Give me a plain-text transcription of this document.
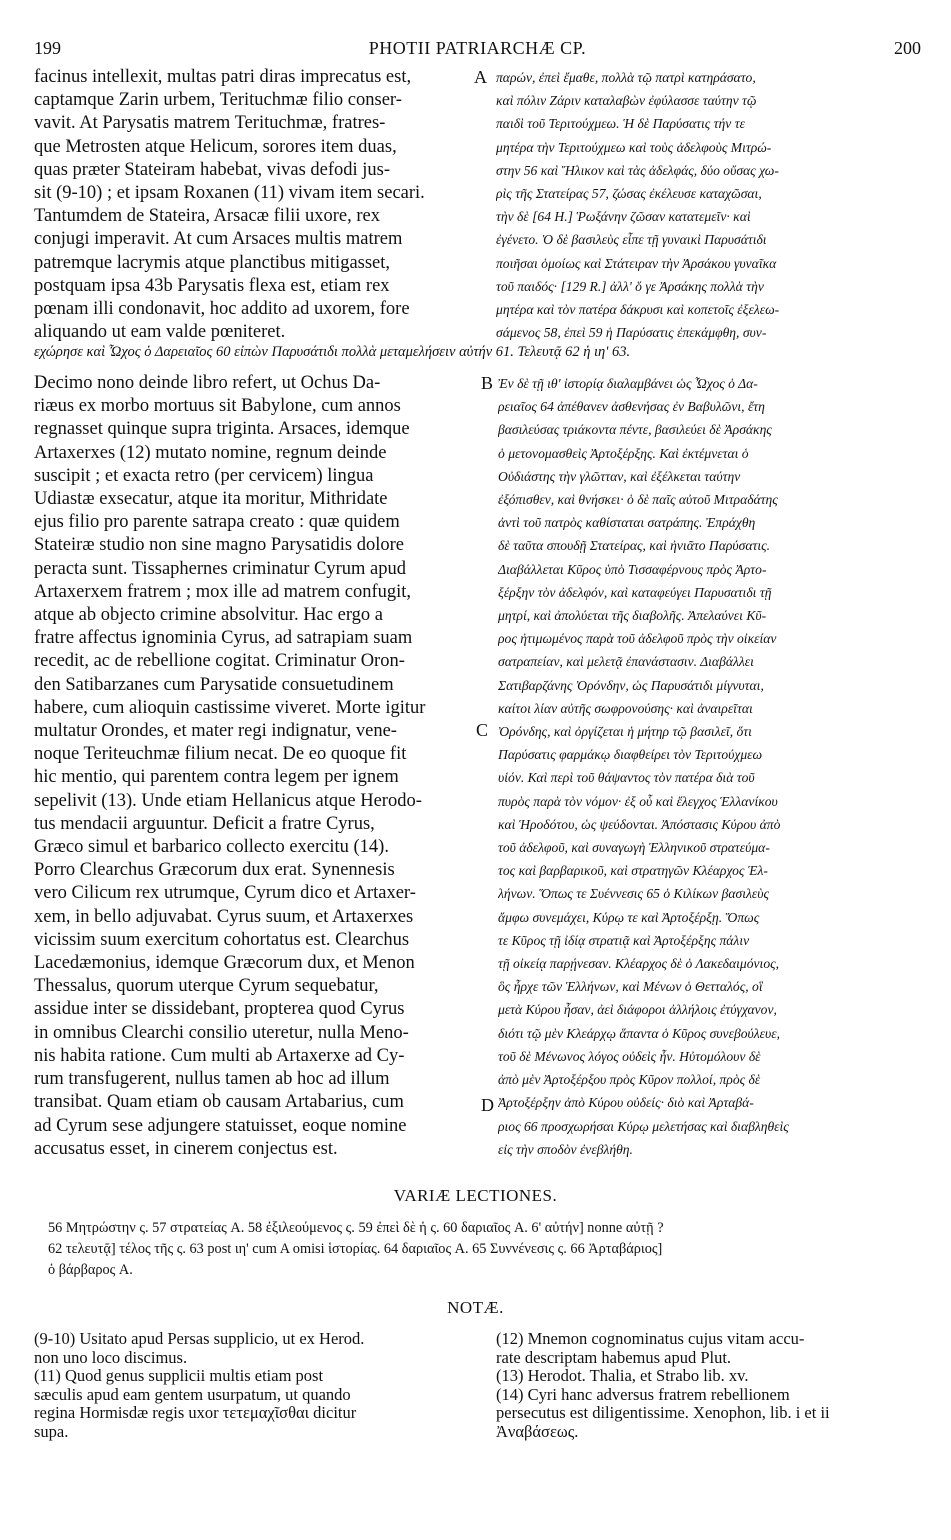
199	PHOTII PATRIARCHÆ CP.	200
facinus intellexit, multas patri diras imprecatus est,
captamque Zarin urbem, Terituchmæ filio conser-
vavit. At Parysatis matrem Terituchmæ, fratres-
que Metrosten atque Helicum, sorores item duas,
quas præter Stateiram habebat, vivas defodi jus-
sit (9-10) ; et ipsam Roxanen (11) vivam item secari.
Tantumdem de Stateira, Arsacæ filii uxore, rex
conjugi imperavit. At cum Arsaces multis matrem
patremque lacrymis atque planctibus mitigasset,
postquam ipsa 43b Parysatis flexa est, etiam rex
pœnam illi condonavit, hoc addito ad uxorem, fore
aliquando ut eam valde pœniteret.
A παρών, ἐπεὶ ἔμαθε, πολλὰ τῷ πατρὶ κατηράσατο,
καὶ πόλιν Ζάριν καταλαβὼν ἐφύλασσε ταύτην τῷ
παιδὶ τοῦ Τεριτούχμεω. Ἡ δὲ Παρύσατις τήν τε
μητέρα τὴν Τεριτούχμεω καὶ τοὺς ἀδελφοὺς Μιτρώ-
στην 56 καὶ Ἥλικον καὶ τὰς ἀδελφάς, δύο οὔσας χω-
ρὶς τῆς Στατείρας 57, ζώσας ἐκέλευσε καταχῶσαι,
τὴν δὲ [64 H.] Ῥωξάνην ζῶσαν κατατεμεῖν· καὶ
ἐγένετο. Ὁ δὲ βασιλεὺς εἶπε τῇ γυναικὶ Παρυσάτιδι
ποιῆσαι ὁμοίως καὶ Στάτειραν τὴν Ἀρσάκου γυναῖκα
τοῦ παιδός· [129 R.] ἀλλ' ὅ γε Ἀρσάκης πολλὰ τὴν
μητέρα καὶ τὸν πατέρα δάκρυσι καὶ κοπετοῖς ἐξελεω-
σάμενος 58, ἐπεὶ 59 ἡ Παρύσατις ἐπεκάμφθη, συν-
εχώρησε καὶ Ὦχος ὁ Δαρειαῖος 60 εἰπὼν Παρυσάτιδι πολλὰ μεταμελήσειν αὐτήν 61. Τελευτᾷ 62 ἡ ιη' 63.
Decimo nono deinde libro refert, ut Ochus Da-
riæus ex morbo mortuus sit Babylone, cum annos
regnasset quinque supra triginta. Arsaces, idemque
Artaxerxes (12) mutato nomine, regnum deinde
suscipit ; et exacta retro (per cervicem) lingua
Udiastæ exsecatur, atque ita moritur, Mithridate
ejus filio pro parente satrapa creato : quæ quidem
Stateiræ studio non sine magno Parysatidis dolore
peracta sunt. Tissaphernes criminatur Cyrum apud
Artaxerxem fratrem ; mox ille ad matrem confugit,
atque ab objecto crimine absolvitur. Hac ergo a
fratre affectus ignominia Cyrus, ad satrapiam suam
recedit, ac de rebellione cogitat. Criminatur Oron-
den Satibarzanes cum Parysatide consuetudinem
habere, cum alioquin castissime viveret. Morte igitur
multatur Orondes, et mater regi indignatur, vene-
noque Teriteuchmæ filium necat. De eo quoque fit
hic mentio, qui parentem contra legem per ignem
sepelivit (13). Unde etiam Hellanicus atque Herodo-
tus mendacii arguuntur. Deficit a fratre Cyrus,
Græco simul et barbarico collecto exercitu (14).
Porro Clearchus Græcorum dux erat. Synennesis
vero Cilicum rex utrumque, Cyrum dico et Artaxer-
xem, in bello adjuvabat. Cyrus suum, et Artaxerxes
vicissim suum exercitum cohortatus est. Clearchus
Lacedæmonius, idemque Græcorum dux, et Menon
Thessalus, quorum uterque Cyrum sequebatur,
assidue inter se dissidebant, propterea quod Cyrus
in omnibus Clearchi consilio uteretur, nulla Meno-
nis habita ratione. Cum multi ab Artaxerxe ad Cy-
rum transfugerent, nullus tamen ab hoc ad illum
transibat. Quam etiam ob causam Artabarius, cum
ad Cyrum sese adjungere statuisset, eoque nomine
accusatus esset, in cinerem conjectus est.
B
C
D
Ἐν δὲ τῇ ιθ' ἱστορίᾳ διαλαμβάνει ὡς Ὦχος ὁ Δα-
ρειαῖος 64 ἀπέθανεν ἀσθενήσας ἐν Βαβυλῶνι, ἔτη
βασιλεύσας τριάκοντα πέντε, βασιλεύει δὲ Ἀρσάκης
ὁ μετονομασθεὶς Ἀρτοξέρξης. Καὶ ἐκτέμνεται ὁ
Οὐδιάστης τὴν γλῶτταν, καὶ ἐξέλκεται ταύτην
ἐξόπισθεν, καὶ θνήσκει· ὁ δὲ παῖς αὐτοῦ Μιτραδάτης
ἀντὶ τοῦ πατρὸς καθίσταται σατράπης. Ἐπράχθη
δὲ ταῦτα σπουδῇ Στατείρας, καὶ ἠνιᾶτο Παρύσατις.
Διαβάλλεται Κῦρος ὑπὸ Τισσαφέρνους πρὸς Ἀρτο-
ξέρξην τὸν ἀδελφόν, καὶ καταφεύγει Παρυσατιδι τῇ
μητρί, καὶ ἀπολύεται τῆς διαβολῆς. Ἀπελαύνει Κῦ-
ρος ἠτιμωμένος παρὰ τοῦ ἀδελφοῦ πρὸς τὴν οἰκείαν
σατραπείαν, καὶ μελετᾷ ἐπανάστασιν. Διαβάλλει
Σατιβαρζάνης Ὀρόνδην, ὡς Παρυσάτιδι μίγνυται,
καίτοι λίαν αὐτῆς σωφρονούσης· καὶ ἀναιρεῖται
Ὀρόνδης, καὶ ὀργίζεται ἡ μήτηρ τῷ βασιλεῖ, ὅτι
Παρύσατις φαρμάκῳ διαφθείρει τὸν Τεριτούχμεω
υἱόν. Καὶ περὶ τοῦ θάψαντος τὸν πατέρα διὰ τοῦ
πυρὸς παρὰ τὸν νόμον· ἐξ οὗ καὶ ἔλεγχος Ἑλλανίκου
καὶ Ἡροδότου, ὡς ψεύδονται. Ἀπόστασις Κύρου ἀπὸ
τοῦ ἀδελφοῦ, καὶ συναγωγὴ Ἑλληνικοῦ στρατεύμα-
τος καὶ βαρβαρικοῦ, καὶ στρατηγῶν Κλέαρχος Ἑλ-
λήνων. Ὅπως τε Συέννεσις 65 ὁ Κιλίκων βασιλεὺς
ἄμφω συνεμάχει, Κύρῳ τε καὶ Ἀρτοξέρξῃ. Ὅπως
τε Κῦρος τῇ ἰδίᾳ στρατιᾷ καὶ Ἀρτοξέρξης πάλιν
τῇ οἰκείᾳ παρῄνεσαν. Κλέαρχος δὲ ὁ Λακεδαιμόνιος,
ὃς ἦρχε τῶν Ἑλλήνων, καὶ Μένων ὁ Θετταλός, οἳ
μετὰ Κύρου ἦσαν, ἀεὶ διάφοροι ἀλλήλοις ἐτύγχανον,
διότι τῷ μὲν Κλεάρχῳ ἅπαντα ὁ Κῦρος συνεβούλευε,
τοῦ δὲ Μένωνος λόγος οὐδεὶς ἦν. Ηὐτομόλουν δὲ
ἀπὸ μὲν Ἀρτοξέρξου πρὸς Κῦρον πολλοί, πρὸς δὲ
Ἀρτοξέρξην ἀπὸ Κύρου οὐδείς· διὸ καὶ Ἀρταβά-
ριος 66 προσχωρήσαι Κύρῳ μελετήσας καὶ διαβληθεὶς
εἰς τὴν σποδὸν ἐνεβλήθη.
VARIÆ LECTIONES.
56 Μητρώστην ς. 57 στρατείας A. 58 ἐξιλεούμενος ς. 59 ἐπεὶ δὲ ἡ ς. 60 δαριαῖος A. 6' αὐτήν] nonne αὐτῇ ?
62 τελευτᾷ] τέλος τῆς ς. 63 post ιη' cum A omisi ἱστορίας. 64 δαριαῖος A. 65 Συννένεσις ς. 66 Ἀρταβάριος]
ὁ βάρβαρος A.
NOTÆ.
(9-10) Usitato apud Persas supplicio, ut ex Herod.
non uno loco discimus.
(11) Quod genus supplicii multis etiam post
sæculis apud eam gentem usurpatum, ut quando
regina Hormisdæ regis uxor τετεμαχῖσθαι dicitur
supa.
(12) Mnemon cognominatus cujus vitam accu-
rate descriptam habemus apud Plut.
(13) Herodot. Thalia, et Strabo lib. xv.
(14) Cyri hanc adversus fratrem rebellionem
persecutus est diligentissime. Xenophon, lib. i et ii
Ἀναβάσεως.
